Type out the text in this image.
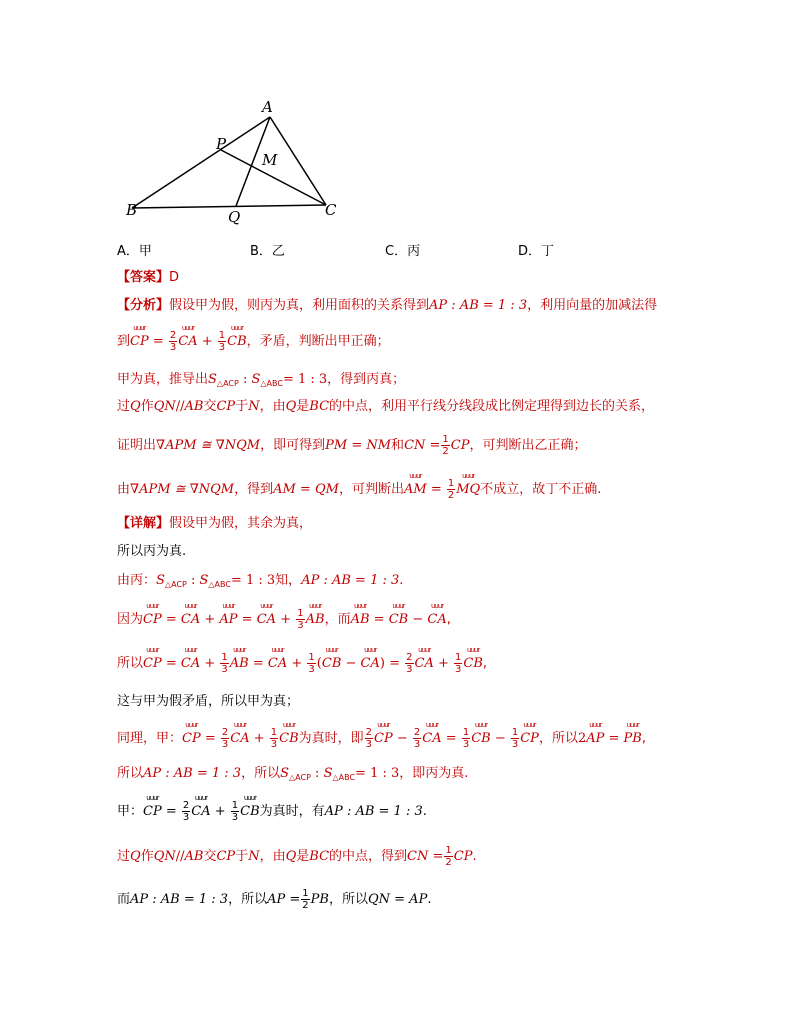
A
P
M
B	Q	C
A．甲	B．乙	C．丙	D．丁
【答案】D
【分析】假设甲为假，则丙为真，利用面积的关系得到AP : AB = 1 : 3，利用向量的加减法得
到
uuur
CP = $\frac{2}{3}$
uuur
CA + $\frac{1}{3}$
uuur
CB，矛盾，判断出甲正确；
甲为真，推导出$S_{\triangle ACP}$ : $S_{\triangle ABC}= 1$ : 3，得到丙真；
过Q作QN//AB交CP于N，由Q是BC的中点，利用平行线分线段成比例定理得到边长的关系，
证明出∇APM ≅ ∇NQM，即可得到PM = NM和CN = $\frac{1}{2}$ CP，可判断出乙正确；
由∇APM ≅ ∇NQM，得到AM = QM，可判断出
uuur
AM = $\frac{1}{2}$
uuur
MQ不成立，故丁不正确.
【详解】假设甲为假，其余为真，
所以丙为真.
由丙：$S_{\triangle ACP}$ : $S_{\triangle ABC}= 1$ : 3知，AP : AB = 1 : 3.
因为
uuur
CP =
uuur
CA +
uuur
AP =
uuur
CA + $\frac{1}{3}$
uuur
AB，而
uuur
AB =
uuur
CB −
uuur
CA,
所以
uuur
CP =
uuur
CA + $\frac{1}{3}$
uuur
AB =
uuur
CA + $\frac{1}{3}$ (
uuur
CB −
uuur
$CA) = \frac{2}{3}$
uuur
CA + $\frac{1}{3}$
uuur
CB,
这与甲为假矛盾，所以甲为真；
同理，甲：
uuur
CP = $\frac{2}{3}$
uuur
CA + $\frac{1}{3}$
uuur
CB为真时，即 $\frac{2}{3}$
uuur
CP − $\frac{2}{3}$
uuur
CA = $\frac{1}{3}$
uuur
CB − $\frac{1}{3}$
uuur
CP，所以2
uuur
AP =
uuur
PB,
所以AP : AB = 1 : 3，所以$S_{\triangle ACP}$ : $S_{\triangle ABC}= 1$ : 3，即丙为真.
甲：
uuur
CP = $\frac{2}{3}$
uuur
CA + $\frac{1}{3}$
uuur
CB为真时，有AP : AB = 1 : 3.
过Q作QN//AB交CP于N，由Q是BC的中点，得到CN = $\frac{1}{2}$ CP.
而AP : AB = 1 : 3，所以AP = $\frac{1}{2}$ PB，所以QN = AP.
